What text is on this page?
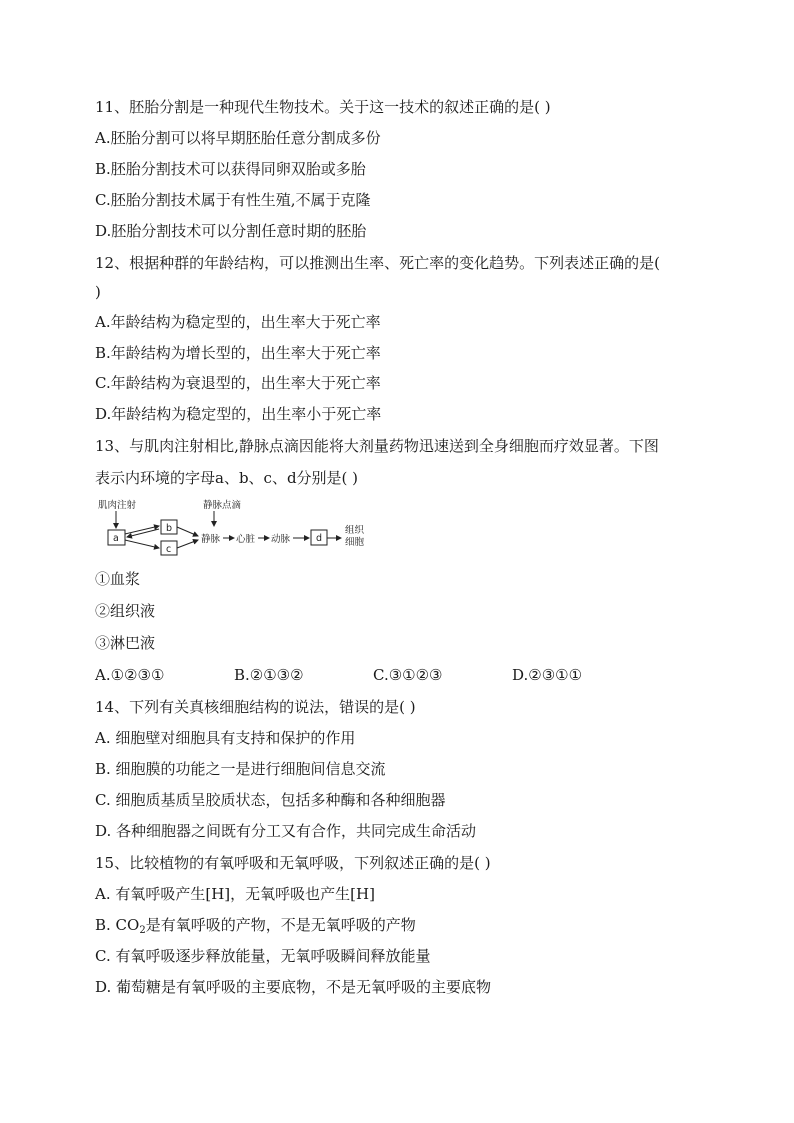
11、胚胎分割是一种现代生物技术。关于这一技术的叙述正确的是( )
A.胚胎分割可以将早期胚胎任意分割成多份
B.胚胎分割技术可以获得同卵双胎或多胎
C.胚胎分割技术属于有性生殖,不属于克隆
D.胚胎分割技术可以分割任意时期的胚胎
12、根据种群的年龄结构，可以推测出生率、死亡率的变化趋势。下列表述正确的是(
)
A.年龄结构为稳定型的，出生率大于死亡率
B.年龄结构为增长型的，出生率大于死亡率
C.年龄结构为衰退型的，出生率大于死亡率
D.年龄结构为稳定型的，出生率小于死亡率
13、与肌肉注射相比,静脉点滴因能将大剂量药物迅速送到全身细胞而疗效显著。下图
表示内环境的字母a、b、c、d分别是( )
肌肉注射	静脉点滴
a
b
c
静脉 心脏 动脉	d
组织
细胞
①血浆
②组织液
③淋巴液
A.①②③①	B.②①③②	C.③①②③	D.②③①①
14、下列有关真核细胞结构的说法，错误的是( )
A. 细胞壁对细胞具有支持和保护的作用
B. 细胞膜的功能之一是进行细胞间信息交流
C. 细胞质基质呈胶质状态，包括多种酶和各种细胞器
D. 各种细胞器之间既有分工又有合作，共同完成生命活动
15、比较植物的有氧呼吸和无氧呼吸，下列叙述正确的是( )
A. 有氧呼吸产生[H]，无氧呼吸也产生[H]
B. $CO_2$是有氧呼吸的产物，不是无氧呼吸的产物
C. 有氧呼吸逐步释放能量，无氧呼吸瞬间释放能量
D. 葡萄糖是有氧呼吸的主要底物，不是无氧呼吸的主要底物
